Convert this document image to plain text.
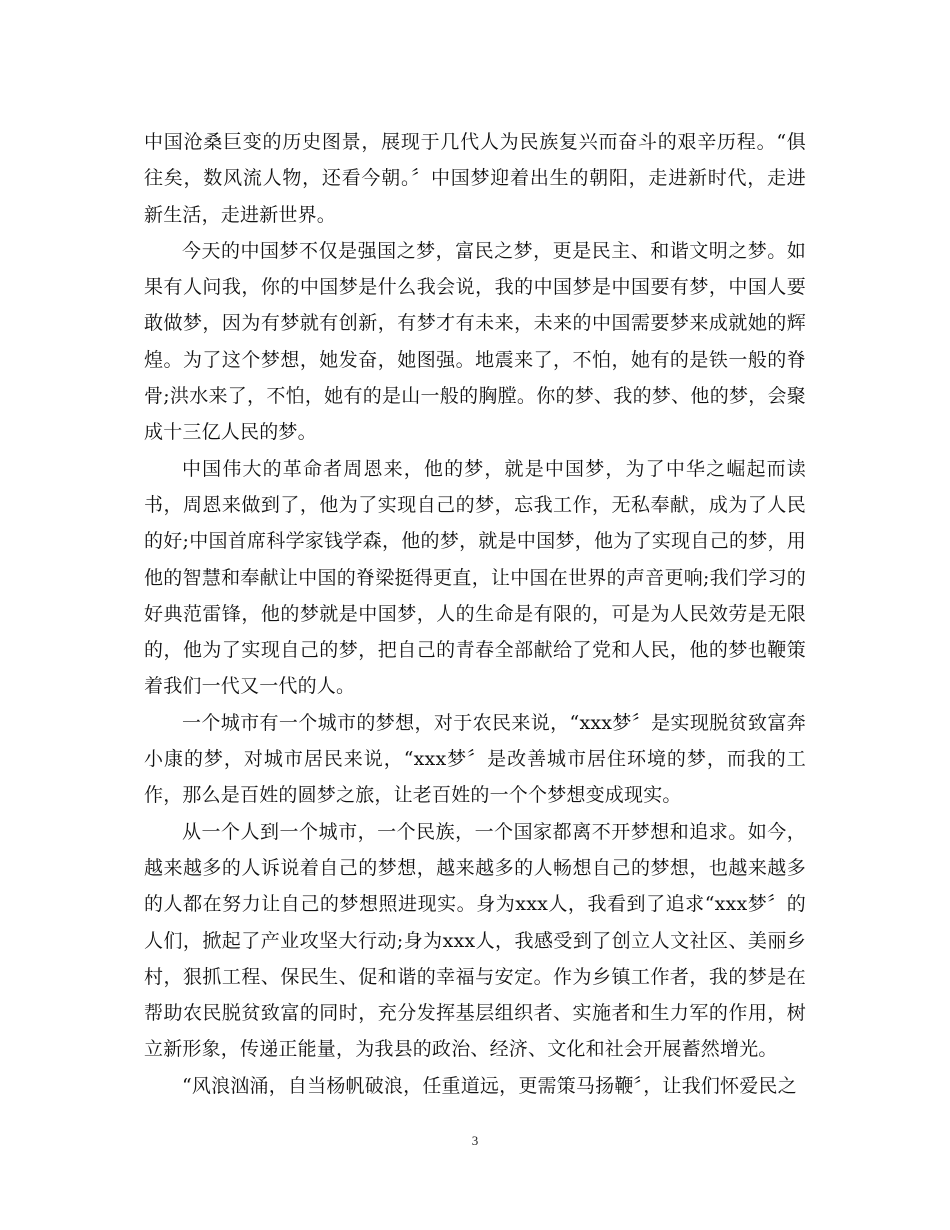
中国沧桑巨变的历史图景，展现于几代人为民族复兴而奋斗的艰辛历程。“俱往矣，数风流人物，还看今朝。〞中国梦迎着出生的朝阳，走进新时代，走进新生活，走进新世界。

今天的中国梦不仅是强国之梦，富民之梦，更是民主、和谐文明之梦。如果有人问我，你的中国梦是什么我会说，我的中国梦是中国要有梦，中国人要敢做梦，因为有梦就有创新，有梦才有未来，未来的中国需要梦来成就她的辉煌。为了这个梦想，她发奋，她图强。地震来了，不怕，她有的是铁一般的脊骨;洪水来了，不怕，她有的是山一般的胸膛。你的梦、我的梦、他的梦，会聚成十三亿人民的梦。

中国伟大的革命者周恩来，他的梦，就是中国梦，为了中华之崛起而读书，周恩来做到了，他为了实现自己的梦，忘我工作，无私奉献，成为了人民的好;中国首席科学家钱学森，他的梦，就是中国梦，他为了实现自己的梦，用他的智慧和奉献让中国的脊梁挺得更直，让中国在世界的声音更响;我们学习的好典范雷锋，他的梦就是中国梦，人的生命是有限的，可是为人民效劳是无限的，他为了实现自己的梦，把自己的青春全部献给了党和人民，他的梦也鞭策着我们一代又一代的人。

一个城市有一个城市的梦想，对于农民来说，“xxx梦〞是实现脱贫致富奔小康的梦，对城市居民来说，“xxx梦〞是改善城市居住环境的梦，而我的工作，那么是百姓的圆梦之旅，让老百姓的一个个梦想变成现实。

从一个人到一个城市，一个民族，一个国家都离不开梦想和追求。如今，越来越多的人诉说着自己的梦想，越来越多的人畅想自己的梦想，也越来越多的人都在努力让自己的梦想照进现实。身为xxx人，我看到了追求“xxx梦〞的人们，掀起了产业攻坚大行动;身为xxx人，我感受到了创立人文社区、美丽乡村，狠抓工程、保民生、促和谐的幸福与安定。作为乡镇工作者，我的梦是在帮助农民脱贫致富的同时，充分发挥基层组织者、实施者和生力军的作用，树立新形象，传递正能量，为我县的政治、经济、文化和社会开展蓄然增光。

“风浪汹涌，自当杨帆破浪，任重道远，更需策马扬鞭〞，让我们怀爱民之

3
